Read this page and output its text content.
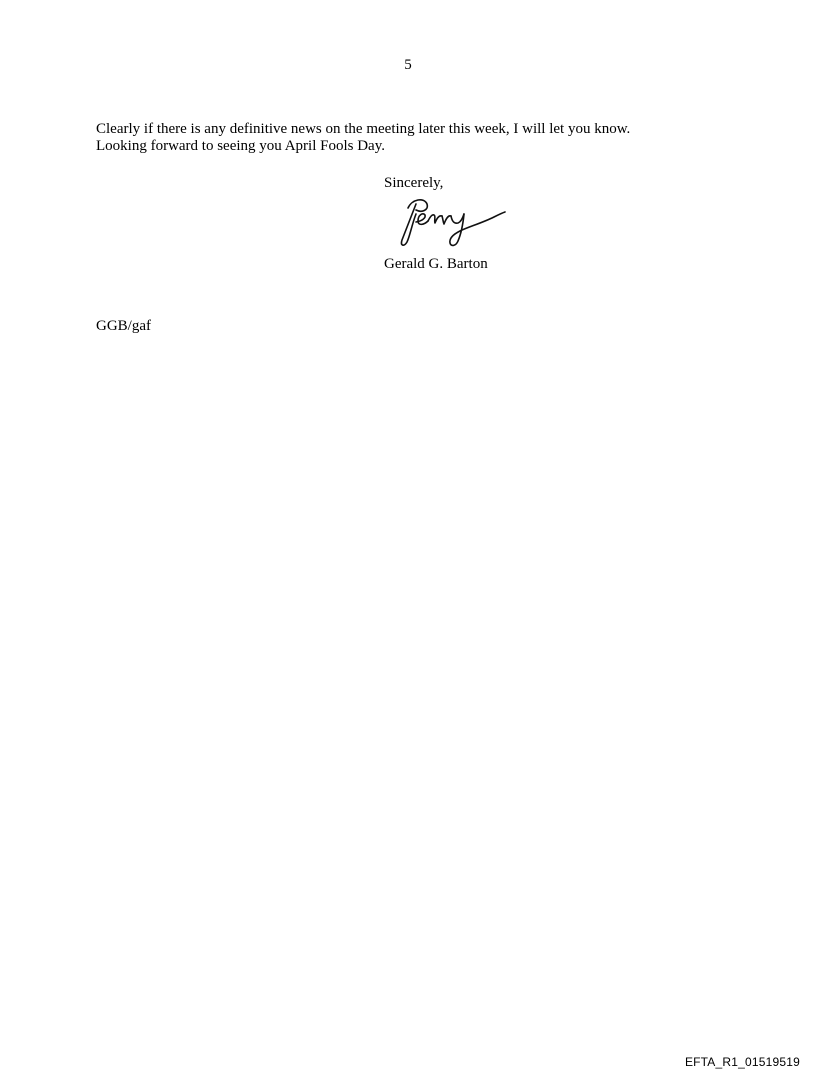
5

Clearly if there is any definitive news on the meeting later this week, I will let you know.

Looking forward to seeing you April Fools Day.

Sincerely,
Gerald G. Barton
GGB/gaf
EFTA_R1_01519519
